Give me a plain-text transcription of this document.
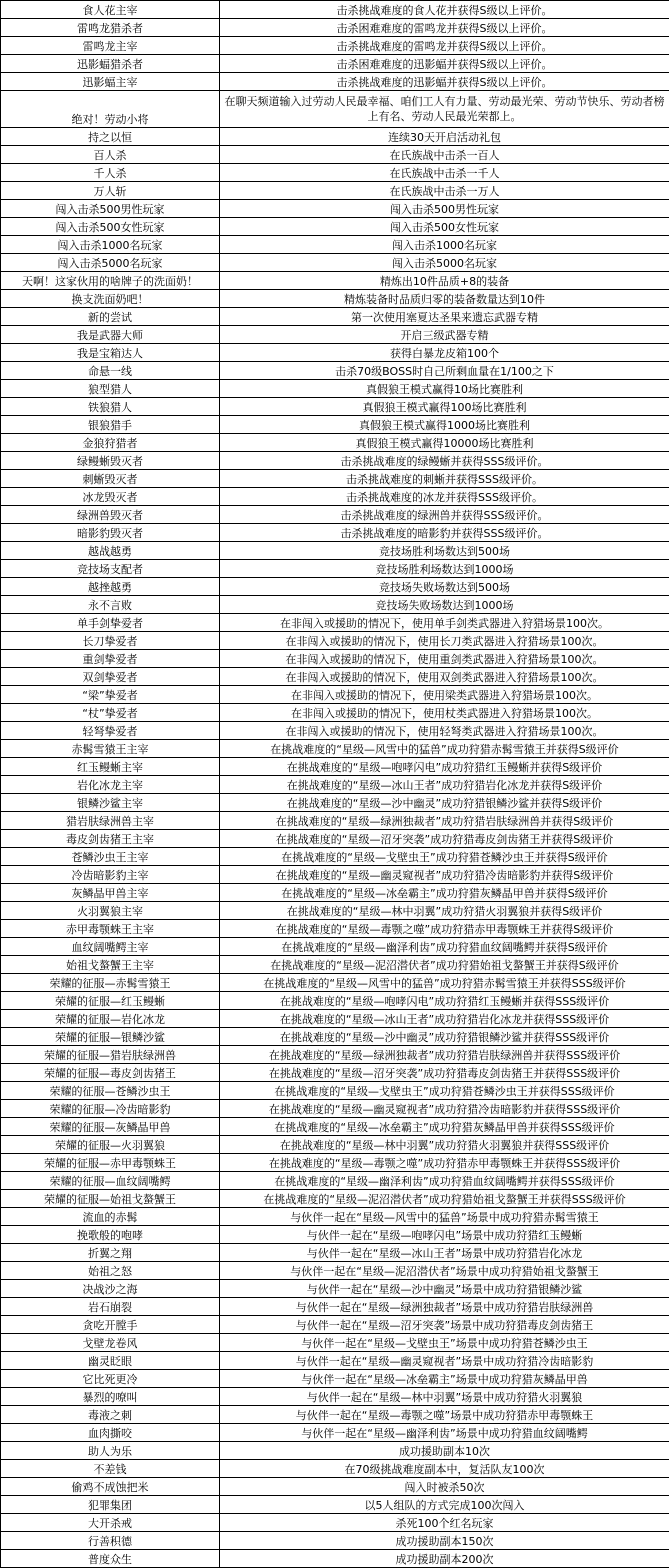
食人花主宰	击杀挑战难度的食人花并获得S级以上评价。
雷鸣龙猎杀者	击杀困难难度的雷鸣龙并获得S级以上评价。
雷鸣龙主宰	击杀挑战难度的雷鸣龙并获得S级以上评价。
迅影蝠猎杀者	击杀困难难度的迅影蝠并获得S级以上评价。
迅影蝠主宰	击杀挑战难度的迅影蝠并获得S级以上评价。
绝对！劳动小将	在聊天频道输入过劳动人民最幸福、咱们工人有力量、劳动最光荣、劳动节快乐、劳动者榜上有名、劳动人民最光荣都上。
持之以恒	连续30天开启活动礼包
百人杀	在氏族战中击杀一百人
千人杀	在氏族战中击杀一千人
万人斩	在氏族战中击杀一万人
闯入击杀500男性玩家	闯入击杀500男性玩家
闯入击杀500女性玩家	闯入击杀500女性玩家
闯入击杀1000名玩家	闯入击杀1000名玩家
闯入击杀5000名玩家	闯入击杀5000名玩家
天啊！这家伙用的啥牌子的洗面奶！	精炼出10件品质+8的装备
换支洗面奶吧！	精炼装备时品质归零的装备数量达到10件
新的尝试	第一次使用塞夏达圣果来遗忘武器专精
我是武器大师	开启三级武器专精
我是宝箱达人	获得白暴龙皮箱100个
命悬一线	击杀70级BOSS时自己所剩血量在1/100之下
狼型猎人	真假狼王模式赢得10场比赛胜利
铁狼猎人	真假狼王模式赢得100场比赛胜利
银狼猎手	真假狼王模式赢得1000场比赛胜利
金狼狩猎者	真假狼王模式赢得10000场比赛胜利
绿鳗蜥毁灭者	击杀挑战难度的绿鳗蜥并获得SSS级评价。
刺蜥毁灭者	击杀挑战难度的刺蜥并获得SSS级评价。
冰龙毁灭者	击杀挑战难度的冰龙并获得SSS级评价。
绿洲兽毁灭者	击杀挑战难度的绿洲兽并获得SSS级评价。
暗影豹毁灭者	击杀挑战难度的暗影豹并获得SSS级评价。
越战越勇	竞技场胜利场数达到500场
竞技场支配者	竞技场胜利场数达到1000场
越挫越勇	竞技场失败场数达到500场
永不言败	竞技场失败场数达到1000场
单手剑挚爱者	在非闯入或援助的情况下，使用单手剑类武器进入狩猎场景100次。
长刀挚爱者	在非闯入或援助的情况下，使用长刀类武器进入狩猎场景100次。
重剑挚爱者	在非闯入或援助的情况下，使用重剑类武器进入狩猎场景100次。
双剑挚爱者	在非闯入或援助的情况下，使用双剑类武器进入狩猎场景100次。
“梁”挚爱者	在非闯入或援助的情况下，使用梁类武器进入狩猎场景100次。
“杖”挚爱者	在非闯入或援助的情况下，使用杖类武器进入狩猎场景100次。
轻弩挚爱者	在非闯入或援助的情况下，使用轻弩类武器进入狩猎场景100次。
赤髯雪猿王主宰	在挑战难度的“星级—风雪中的猛兽”成功狩猎赤髯雪猿王并获得S级评价
红玉鳗蜥主宰	在挑战难度的“星级—咆哮闪电”成功狩猎红玉鳗蜥并获得S级评价
岩化冰龙主宰	在挑战难度的“星级—冰山王者”成功狩猎岩化冰龙并获得S级评价
银鳞沙鲨主宰	在挑战难度的“星级—沙中幽灵”成功狩猎银鳞沙鲨并获得S级评价
猎岩肤绿洲兽主宰	在挑战难度的“星级—绿洲独裁者”成功狩猎岩肤绿洲兽并获得S级评价
毒皮剑齿猪王主宰	在挑战难度的“星级—沼牙突袭”成功狩猎毒皮剑齿猪王并获得S级评价
苍鳞沙虫王主宰	在挑战难度的“星级—戈壁虫王”成功狩猎苍鳞沙虫王并获得S级评价
冷齿暗影豹主宰	在挑战难度的“星级—幽灵窥视者”成功狩猎冷齿暗影豹并获得S级评价
灰鳞晶甲兽主宰	在挑战难度的“星级—冰垒霸主”成功狩猎灰鳞晶甲兽并获得S级评价
火羽翼狼主宰	在挑战难度的“星级—林中羽翼”成功狩猎火羽翼狼并获得S级评价
赤甲毒颚蛛王主宰	在挑战难度的“星级—毒颚之噬”成功狩猎赤甲毒颚蛛王并获得S级评价
血纹阔嘴鳄主宰	在挑战难度的“星级—幽泽利齿”成功狩猎血纹阔嘴鳄并获得S级评价
始祖戈螯蟹王主宰	在挑战难度的“星级—泥沼潜伏者”成功狩猎始祖戈螯蟹王并获得S级评价
荣耀的征服—赤髯雪猿王	在挑战难度的“星级—风雪中的猛兽”成功狩猎赤髯雪猿王并获得SSS级评价
荣耀的征服—红玉鳗蜥	在挑战难度的“星级—咆哮闪电”成功狩猎红玉鳗蜥并获得SSS级评价
荣耀的征服—岩化冰龙	在挑战难度的“星级—冰山王者”成功狩猎岩化冰龙并获得SSS级评价
荣耀的征服—银鳞沙鲨	在挑战难度的“星级—沙中幽灵”成功狩猎银鳞沙鲨并获得SSS级评价
荣耀的征服—猎岩肤绿洲兽	在挑战难度的“星级—绿洲独裁者”成功狩猎岩肤绿洲兽并获得SSS级评价
荣耀的征服—毒皮剑齿猪王	在挑战难度的“星级—沼牙突袭”成功狩猎毒皮剑齿猪王并获得SSS级评价
荣耀的征服—苍鳞沙虫王	在挑战难度的“星级—戈壁虫王”成功狩猎苍鳞沙虫王并获得SSS级评价
荣耀的征服—冷齿暗影豹	在挑战难度的“星级—幽灵窥视者”成功狩猎冷齿暗影豹并获得SSS级评价
荣耀的征服—灰鳞晶甲兽	在挑战难度的“星级—冰垒霸主”成功狩猎灰鳞晶甲兽并获得SSS级评价
荣耀的征服—火羽翼狼	在挑战难度的“星级—林中羽翼”成功狩猎火羽翼狼并获得SSS级评价
荣耀的征服—赤甲毒颚蛛王	在挑战难度的“星级—毒颚之噬”成功狩猎赤甲毒颚蛛王并获得SSS级评价
荣耀的征服—血纹阔嘴鳄	在挑战难度的“星级—幽泽利齿”成功狩猎血纹阔嘴鳄并获得SSS级评价
荣耀的征服—始祖戈螯蟹王	在挑战难度的“星级—泥沼潜伏者”成功狩猎始祖戈螯蟹王并获得SSS级评价
流血的赤髯	与伙伴一起在“星级—风雪中的猛兽”场景中成功狩猎赤髯雪猿王
挽歌般的咆哮	与伙伴一起在“星级—咆哮闪电”场景中成功狩猎红玉鳗蜥
折翼之翔	与伙伴一起在“星级—冰山王者”场景中成功狩猎岩化冰龙
始祖之怒	与伙伴一起在“星级—泥沼潜伏者”场景中成功狩猎始祖戈螯蟹王
决战沙之海	与伙伴一起在“星级—沙中幽灵”场景中成功狩猎银鳞沙鲨
岩石崩裂	与伙伴一起在“星级—绿洲独裁者”场景中成功狩猎岩肤绿洲兽
贪吃开膛手	与伙伴一起在“星级—沼牙突袭”场景中成功狩猎毒皮剑齿猪王
戈壁龙卷风	与伙伴一起在“星级—戈壁虫王”场景中成功狩猎苍鳞沙虫王
幽灵眨眼	与伙伴一起在“星级—幽灵窥视者”场景中成功狩猎冷齿暗影豹
它比死更冷	与伙伴一起在“星级—冰垒霸主”场景中成功狩猎灰鳞晶甲兽
暴烈的嘹叫	与伙伴一起在“星级—林中羽翼”场景中成功狩猎火羽翼狼
毒液之刺	与伙伴一起在“星级—毒颚之噬”场景中成功狩猎赤甲毒颚蛛王
血肉撕咬	与伙伴一起在“星级—幽泽利齿”场景中成功狩猎血纹阔嘴鳄
助人为乐	成功援助副本10次
不差钱	在70级挑战难度副本中，复活队友100次
偷鸡不成蚀把米	闯入时被杀50次
犯罪集团	以5人组队的方式完成100次闯入
大开杀戒	杀死100个红名玩家
行善积德	成功援助副本150次
普度众生	成功援助副本200次
